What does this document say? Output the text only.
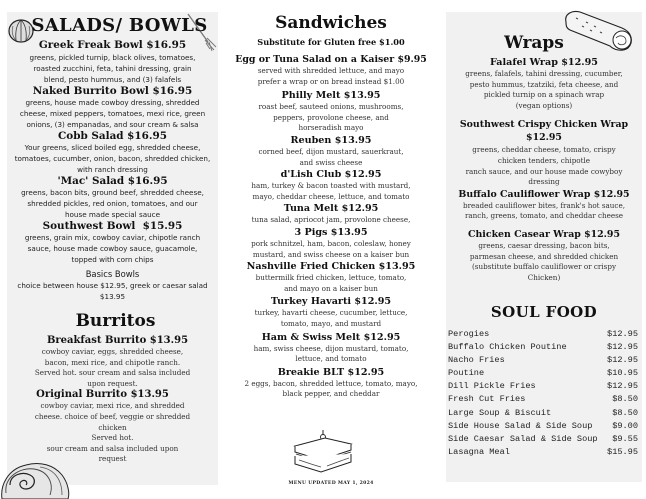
SALADS/ BOWLS
Greek Freak Bowl $16.95
greens, pickled turnip, black olives, tomatoes,
roasted zucchini, feta, tahini dressing, grain
blend, pesto hummus, and (3) falafels
Naked Burrito Bowl $16.95
greens, house made cowboy dressing, shredded
cheese, mixed peppers, tomatoes, mexi rice, green
onions, (3) empanadas, and sour cream & salsa
Cobb Salad $16.95
Your greens, sliced boiled egg, shredded cheese,
tomatoes, cucumber, onion, bacon, shredded chicken,
with ranch dressing
'Mac' Salad $16.95
greens, bacon bits, ground beef, shredded cheese,
shredded pickles, red onion, tomatoes, and our
house made special sauce
Southwest Bowl  $15.95
greens, grain mix, cowboy caviar, chipotle ranch
sauce, house made cowboy sauce, guacamole,
topped with corn chips
Basics Bowls
choice between house $12.95, greek or caesar salad
$13.95
Burritos
Breakfast Burrito $13.95
cowboy caviar, eggs, shredded cheese,
bacon, mexi rice, and chipotle ranch.
Served hot. sour cream and salsa included
upon request.
Original Burrito $13.95
cowboy caviar, mexi rice, and shredded
cheese. choice of beef, veggie or shredded
chicken
Served hot.
sour cream and salsa included upon
request
Sandwiches
Substitute for Gluten free $1.00
Egg or Tuna Salad on a Kaiser $9.95
served with shredded lettuce, and mayo
prefer a wrap or on bread instead $1.00
Philly Melt $13.95
roast beef, sauteed onions, mushrooms,
peppers, provolone cheese, and
horseradish mayo
Reuben $13.95
corned beef, dijon mustard, sauerkraut,
and swiss cheese
d'Lish Club $12.95
ham, turkey & bacon toasted with mustard,
mayo, cheddar cheese, lettuce, and tomato
Tuna Melt $12.95
tuna salad, apriocot jam, provolone cheese,
3 Pigs $13.95
pork schnitzel, ham, bacon, coleslaw, honey
mustard, and swiss cheese on a kaiser bun
Nashville Fried Chicken $13.95
buttermilk fried chicken, lettuce, tomato,
and mayo on a kaiser bun
Turkey Havarti $12.95
turkey, havarti cheese, cucumber, lettuce,
tomato, mayo, and mustard
Ham & Swiss Melt $12.95
ham, swiss cheese, dijon mustard, tomato,
lettuce, and tomato
Breakie BLT $12.95
2 eggs, bacon, shredded lettuce, tomato, mayo,
black pepper, and cheddar
MENU UPDATED MAY 1, 2024
Wraps
Falafel Wrap $12.95
greens, falafels, tahini dressing, cucumber,
pesto hummus, tzatziki, feta cheese, and
pickled turnip on a spinach wrap
(vegan options)
Southwest Crispy Chicken Wrap
$12.95
greens, cheddar cheese, tomato, crispy
chicken tenders, chipotle
ranch sauce, and our house made cowyboy
dressing
Buffalo Cauliflower Wrap $12.95
breaded cauliflower bites, frank's hot sauce,
ranch, greens, tomato, and cheddar cheese
Chicken Casear Wrap $12.95
greens, caesar dressing, bacon bits,
parmesan cheese, and shredded chicken
(substitute buffalo cauliflower or crispy
Chicken)
SOUL FOOD
Perogies	$12.95
Buffalo Chicken Poutine	$12.95
Nacho Fries	$12.95
Poutine	$10.95
Dill Pickle Fries	$12.95
Fresh Cut Fries	$8.50
Large Soup & Biscuit	$8.50
Side House Salad & Side Soup $9.00
Side Caesar Salad & Side Soup $9.55
Lasagna Meal	$15.95
